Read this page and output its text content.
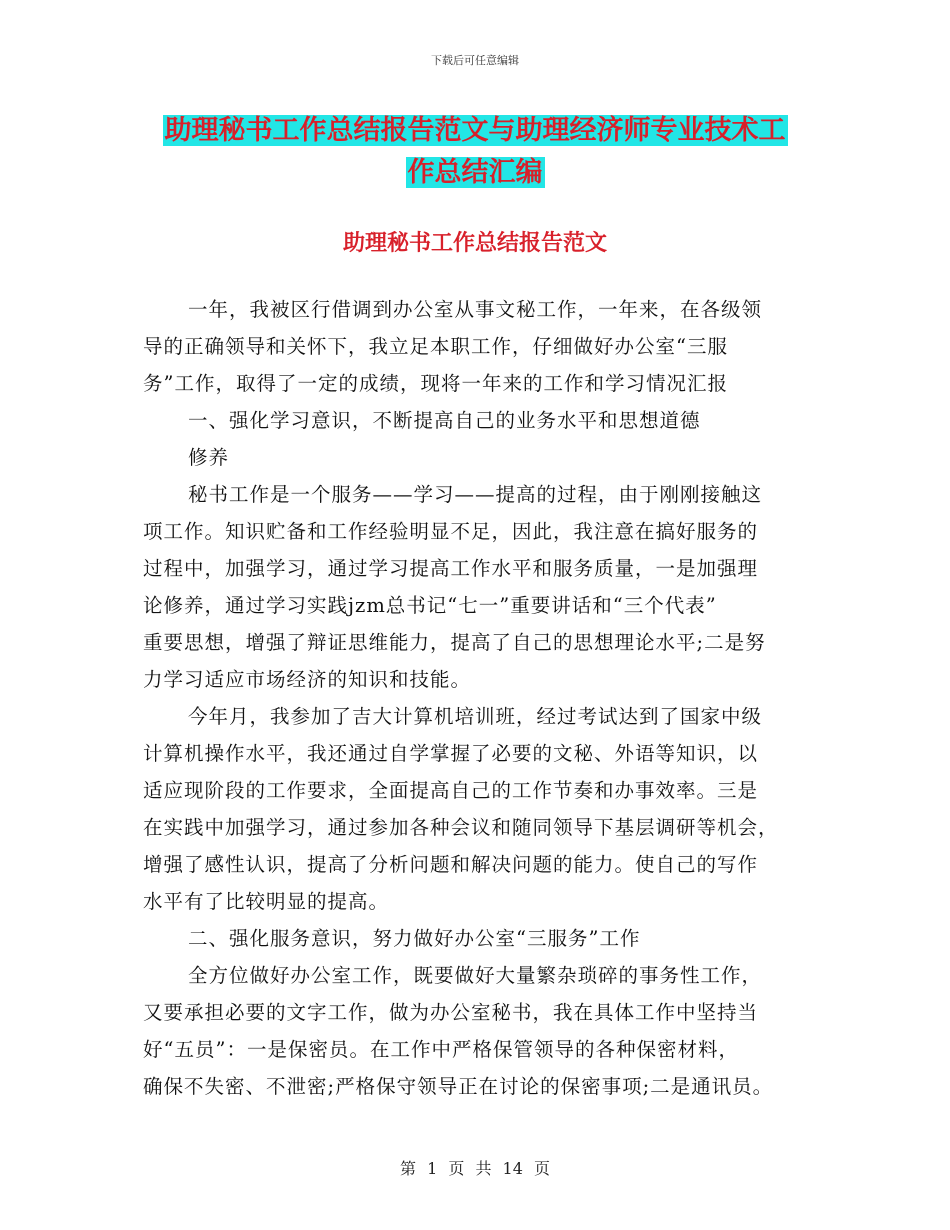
下载后可任意编辑
助理秘书工作总结报告范文与助理经济师专业技术工
作总结汇编
助理秘书工作总结报告范文
一年，我被区行借调到办公室从事文秘工作，一年来，在各级领
导的正确领导和关怀下，我立足本职工作，仔细做好办公室“三服
务”工作，取得了一定的成绩，现将一年来的工作和学习情况汇报
一、强化学习意识，不断提高自己的业务水平和思想道德
修养
秘书工作是一个服务——学习——提高的过程，由于刚刚接触这
项工作。知识贮备和工作经验明显不足，因此，我注意在搞好服务的
过程中，加强学习，通过学习提高工作水平和服务质量，一是加强理
论修养，通过学习实践jzm总书记“七一”重要讲话和“三个代表”
重要思想，增强了辩证思维能力，提高了自己的思想理论水平;二是努
力学习适应市场经济的知识和技能。
今年月，我参加了吉大计算机培训班，经过考试达到了国家中级
计算机操作水平，我还通过自学掌握了必要的文秘、外语等知识，以
适应现阶段的工作要求，全面提高自己的工作节奏和办事效率。三是
在实践中加强学习，通过参加各种会议和随同领导下基层调研等机会，
增强了感性认识，提高了分析问题和解决问题的能力。使自己的写作
水平有了比较明显的提高。
二、强化服务意识，努力做好办公室“三服务”工作
全方位做好办公室工作，既要做好大量繁杂琐碎的事务性工作，
又要承担必要的文字工作，做为办公室秘书，我在具体工作中坚持当
好“五员”：一是保密员。在工作中严格保管领导的各种保密材料，
确保不失密、不泄密;严格保守领导正在讨论的保密事项;二是通讯员。
第 1 页 共 14 页
